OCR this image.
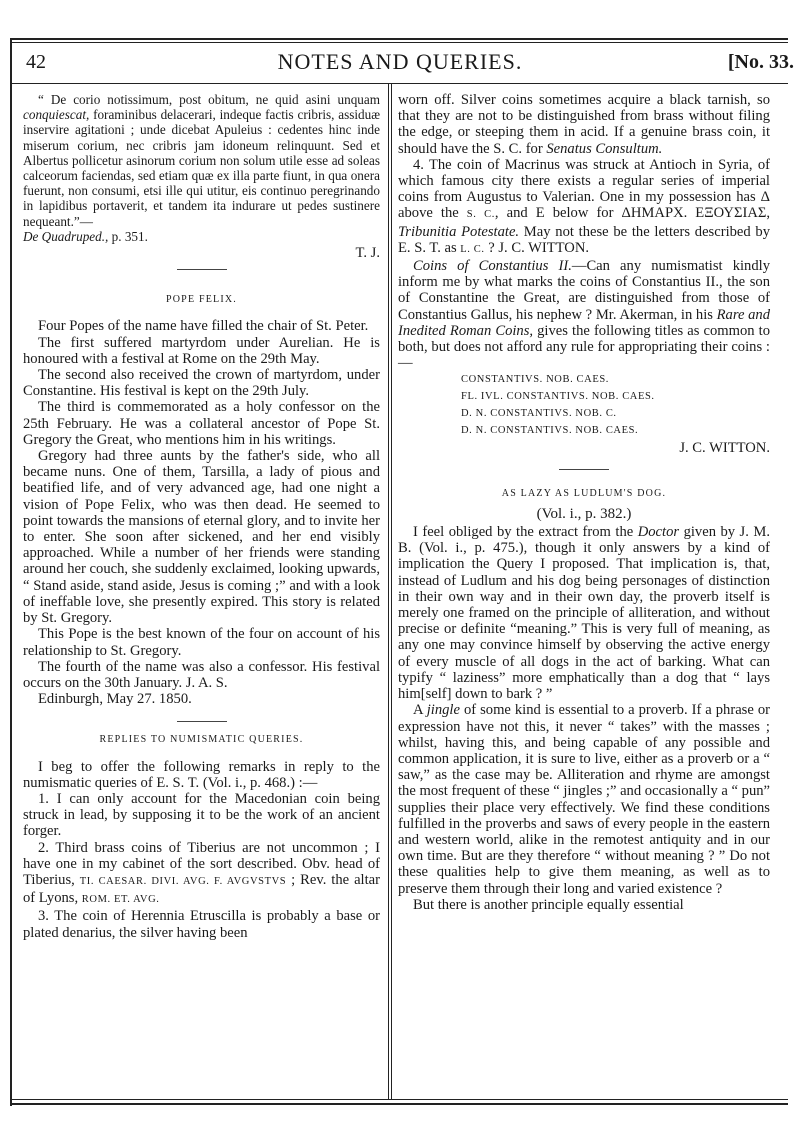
42	NOTES AND QUERIES.	[No. 33.

“ De corio notissimum, post obitum, ne quid asini unquam conquiescat, foraminibus delacerari, indeque factis cribris, assiduæ inservire agitationi ; unde dicebat Apuleius : cedentes hinc inde miserum corium, nec cribris jam idoneum relinquunt. Sed et Albertus pollicetur asinorum corium non solum utile esse ad soleas calceorum faciendas, sed etiam quæ ex illa parte fiunt, in qua onera fuerunt, non consumi, etsi ille qui utitur, eis continuo peregrinando in lapidibus portaverit, et tandem ita indurare ut pedes sustinere nequeant.”—
De Quadruped., p. 351.

T. J.
POPE FELIX.

Four Popes of the name have filled the chair of St. Peter.

The first suffered martyrdom under Aurelian. He is honoured with a festival at Rome on the 29th May.

The second also received the crown of martyrdom, under Constantine. His festival is kept on the 29th July.

The third is commemorated as a holy confessor on the 25th February. He was a collateral ancestor of Pope St. Gregory the Great, who mentions him in his writings.

Gregory had three aunts by the father's side, who all became nuns. One of them, Tarsilla, a lady of pious and beatified life, and of very advanced age, had one night a vision of Pope Felix, who was then dead. He seemed to point towards the mansions of eternal glory, and to invite her to enter. She soon after sickened, and her end visibly approached. While a number of her friends were standing around her couch, she suddenly exclaimed, looking upwards, “ Stand aside, stand aside, Jesus is coming ;” and with a look of ineffable love, she presently expired. This story is related by St. Gregory.

This Pope is the best known of the four on account of his relationship to St. Gregory.

The fourth of the name was also a confessor. His festival occurs on the 30th January. J. A. S.

Edinburgh, May 27. 1850.

REPLIES TO NUMISMATIC QUERIES.

I beg to offer the following remarks in reply to the numismatic queries of E. S. T. (Vol. i., p. 468.) :—

1. I can only account for the Macedonian coin being struck in lead, by supposing it to be the work of an ancient forger.

2. Third brass coins of Tiberius are not uncommon ; I have one in my cabinet of the sort described. Obv. head of Tiberius, TI. CAESAR. DIVI. AVG. F. AVGVSTVS ; Rev. the altar of Lyons, ROM. ET. AVG.

3. The coin of Herennia Etruscilla is probably a base or plated denarius, the silver having been

worn off. Silver coins sometimes acquire a black tarnish, so that they are not to be distinguished from brass without filing the edge, or steeping them in acid. If a genuine brass coin, it should have the S. C. for Senatus Consultum.

4. The coin of Macrinus was struck at Antioch in Syria, of which famous city there exists a regular series of imperial coins from Augustus to Valerian. One in my possession has Δ above the S. C., and E below for ΔΗΜΑΡΧ. ΕΞΟΥΣΙΑΣ, Tribunitia Potestate. May not these be the letters described by E. S. T. as L. C. ? J. C. WITTON.

Coins of Constantius II.—Can any numismatist kindly inform me by what marks the coins of Constantius II., the son of Constantine the Great, are distinguished from those of Constantius Gallus, his nephew ? Mr. Akerman, in his Rare and Inedited Roman Coins, gives the following titles as common to both, but does not afford any rule for appropriating their coins :—

CONSTANTIVS. NOB. CAES.

FL. IVL. CONSTANTIVS. NOB. CAES.

D. N. CONSTANTIVS. NOB. C.

D. N. CONSTANTIVS. NOB. CAES.

J. C. WITTON.
AS LAZY AS LUDLUM'S DOG.
(Vol. i., p. 382.)

I feel obliged by the extract from the Doctor given by J. M. B. (Vol. i., p. 475.), though it only answers by a kind of implication the Query I proposed. That implication is, that, instead of Ludlum and his dog being personages of distinction in their own way and in their own day, the proverb itself is merely one framed on the principle of alliteration, and without precise or definite “meaning.” This is very full of meaning, as any one may convince himself by observing the active energy of every muscle of all dogs in the act of barking. What can typify “ laziness” more emphatically than a dog that “ lays him[self] down to bark ? ”

A jingle of some kind is essential to a proverb. If a phrase or expression have not this, it never “ takes” with the masses ; whilst, having this, and being capable of any possible and common application, it is sure to live, either as a proverb or a “ saw,” as the case may be. Alliteration and rhyme are amongst the most frequent of these “ jingles ;” and occasionally a “ pun” supplies their place very effectively. We find these conditions fulfilled in the proverbs and saws of every people in the eastern and western world, alike in the remotest antiquity and in our own time. But are they therefore “ without meaning ? ” Do not these qualities help to give them meaning, as well as to preserve them through their long and varied existence ?

But there is another principle equally essential
